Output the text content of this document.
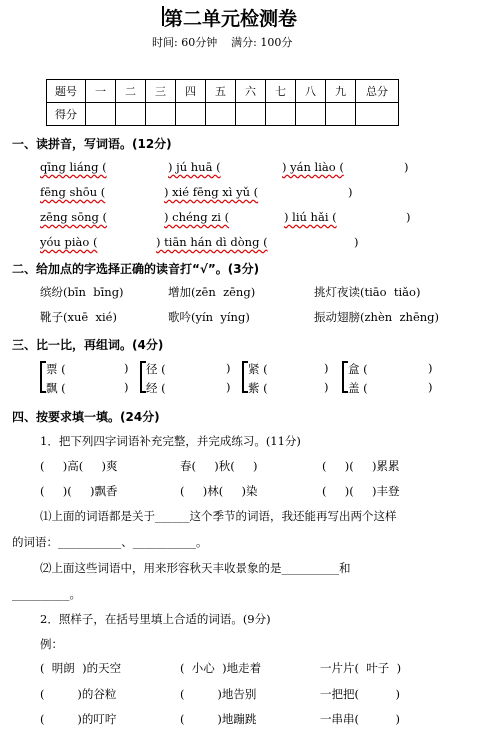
第二单元检测卷
时间: 60分钟    满分: 100分
题号	一	二	三	四	五	六	七	八	九	总分
得分										
一、读拼音，写词语。(12分)
qīng liáng (	) jú huā (	) yán liào (	)
fēng shōu (	) xié fēng xì yǔ (	)
zēng sōng (	) chéng zi (	) liú hǎi (	)
yóu piào (	) tiān hán dì dòng (	)
二、给加点的字选择正确的读音打“√”。(3分)
缤纷(bīn  bīng)	增加(zēn  zēng)	挑灯夜读(tiāo  tiǎo)
靴子(xuē  xié)	歌吟(yín  yíng)	振动翅膀(zhèn  zhēng)
三、比一比，再组词。(4分)
票 (	)
飘 (	)
径 (	)
经 (	)
紧 (	)
紫 (	)
盒 (	)
盖 (	)
四、按要求填一填。(24分)
1．把下列四字词语补充完整，并完成练习。(11分)
(     )高(     )爽	春(     )秋(     )	(     )(     )累累
(     )(     )飘香	(     )林(     )染	(     )(     )丰登
⑴上面的词语都是关于______这个季节的词语，我还能再写出两个这样
的词语：___________、___________。
⑵上面这些词语中，用来形容秋天丰收景象的是__________和
__________。
2．照样子，在括号里填上合适的词语。(9分)
例：
(  明朗  )的天空	(  小心  )地走着	一片片(  叶子  )
(         )的谷粒	(         )地告别	一把把(          )
(         )的叮咛	(         )地蹦跳	一串串(          )
